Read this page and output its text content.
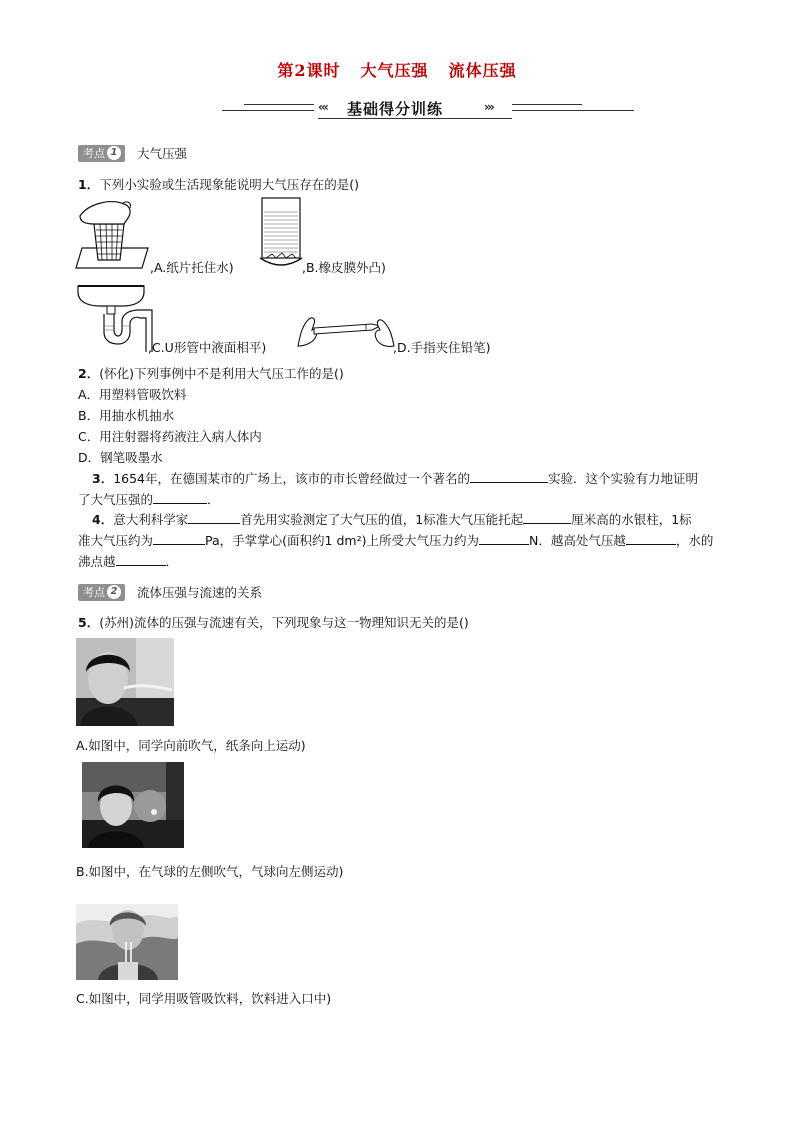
第2课时 大气压强 流体压强
‹‹‹ 基础得分训练	›››
考点 1 大气压强
1．下列小实验或生活现象能说明大气压存在的是()
,A.纸片托住水)	,B.橡皮膜外凸)
,C.U形管中液面相平)	,D.手指夹住铅笔)
2．(怀化)下列事例中不是利用大气压工作的是()
A．用塑料管吸饮料
B．用抽水机抽水
C．用注射器将药液注入病人体内
D．钢笔吸墨水
3．1654年，在德国某市的广场上，该市的市长曾经做过一个著名的	实验．这个实验有力地证明
了大气压强的	．
4．意大利科学家	首先用实验测定了大气压的值，1标准大气压能托起	厘米高的水银柱，1标
准大气压约为	Pa，手掌掌心(面积约1 dm²)上所受大气压力约为	N．越高处气压越	，水的
沸点越	．
考点 2 流体压强与流速的关系
5．(苏州)流体的压强与流速有关，下列现象与这一物理知识无关的是()
A.如图中，同学向前吹气，纸条向上运动)
B.如图中，在气球的左侧吹气，气球向左侧运动)
C.如图中，同学用吸管吸饮料，饮料进入口中)
